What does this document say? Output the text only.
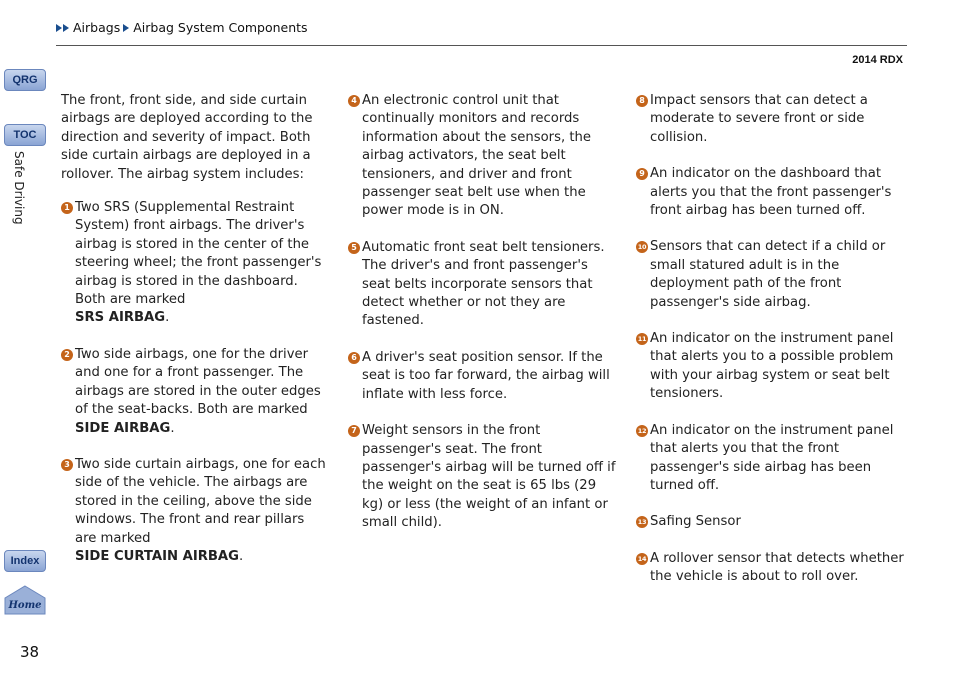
Airbags Airbag System Components
2014 RDX
QRG
TOC
Safe Driving
Index
Home
38

The front, front side, and side curtain airbags are deployed according to the direction and severity of impact. Both side curtain airbags are deployed in a rollover. The airbag system includes:

1 Two SRS (Supplemental Restraint System) front airbags. The driver's airbag is stored in the center of the steering wheel; the front passenger's airbag is stored in the dashboard. Both are marked
SRS AIRBAG.

2 Two side airbags, one for the driver and one for a front passenger. The airbags are stored in the outer edges of the seat-backs. Both are marked SIDE AIRBAG.

3 Two side curtain airbags, one for each side of the vehicle. The airbags are stored in the ceiling, above the side windows. The front and rear pillars are marked
SIDE CURTAIN AIRBAG.

4 An electronic control unit that continually monitors and records information about the sensors, the airbag activators, the seat belt tensioners, and driver and front passenger seat belt use when the power mode is in ON.

5 Automatic front seat belt tensioners. The driver's and front passenger's seat belts incorporate sensors that detect whether or not they are fastened.

6 A driver's seat position sensor. If the seat is too far forward, the airbag will inflate with less force.

7 Weight sensors in the front passenger's seat. The front passenger's airbag will be turned off if the weight on the seat is 65 lbs (29 kg) or less (the weight of an infant or small child).

8 Impact sensors that can detect a moderate to severe front or side collision.

9 An indicator on the dashboard that alerts you that the front passenger's front airbag has been turned off.

10 Sensors that can detect if a child or small statured adult is in the deployment path of the front passenger's side airbag.

11 An indicator on the instrument panel that alerts you to a possible problem with your airbag system or seat belt tensioners.

12 An indicator on the instrument panel that alerts you that the front passenger's side airbag has been turned off.

13 Safing Sensor

14 A rollover sensor that detects whether the vehicle is about to roll over.
